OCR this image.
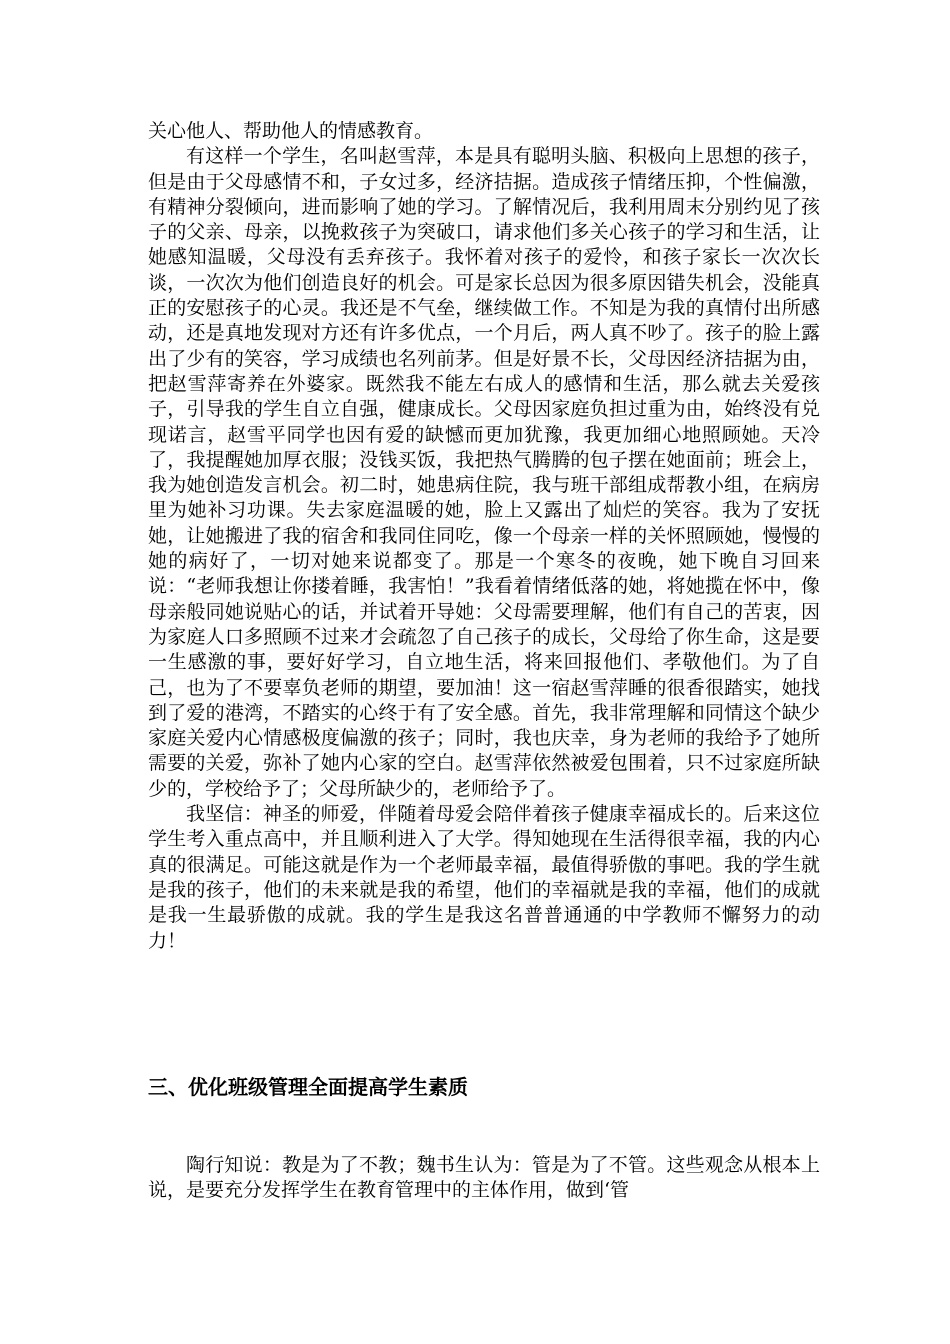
关心他人、帮助他人的情感教育。

有这样一个学生，名叫赵雪萍，本是具有聪明头脑、积极向上思想的孩子，但是由于父母感情不和，子女过多，经济拮据。造成孩子情绪压抑，个性偏激，有精神分裂倾向，进而影响了她的学习。了解情况后，我利用周末分别约见了孩子的父亲、母亲，以挽救孩子为突破口，请求他们多关心孩子的学习和生活，让她感知温暖，父母没有丢弃孩子。我怀着对孩子的爱怜，和孩子家长一次次长谈，一次次为他们创造良好的机会。可是家长总因为很多原因错失机会，没能真正的安慰孩子的心灵。我还是不气垒，继续做工作。不知是为我的真情付出所感动，还是真地发现对方还有许多优点，一个月后，两人真不吵了。孩子的脸上露出了少有的笑容，学习成绩也名列前茅。但是好景不长，父母因经济拮据为由，把赵雪萍寄养在外婆家。既然我不能左右成人的感情和生活，那么就去关爱孩子，引导我的学生自立自强，健康成长。父母因家庭负担过重为由，始终没有兑现诺言，赵雪平同学也因有爱的缺憾而更加犹豫，我更加细心地照顾她。天冷了，我提醒她加厚衣服；没钱买饭，我把热气腾腾的包子摆在她面前；班会上，我为她创造发言机会。初二时，她患病住院，我与班干部组成帮教小组，在病房里为她补习功课。失去家庭温暖的她，脸上又露出了灿烂的笑容。我为了安抚她，让她搬进了我的宿舍和我同住同吃，像一个母亲一样的关怀照顾她，慢慢的她的病好了，一切对她来说都变了。那是一个寒冬的夜晚，她下晚自习回来说：“老师我想让你搂着睡，我害怕！”我看着情绪低落的她，将她揽在怀中，像母亲般同她说贴心的话，并试着开导她：父母需要理解，他们有自己的苦衷，因为家庭人口多照顾不过来才会疏忽了自己孩子的成长，父母给了你生命，这是要一生感激的事，要好好学习，自立地生活，将来回报他们、孝敬他们。为了自己，也为了不要辜负老师的期望，要加油！这一宿赵雪萍睡的很香很踏实，她找到了爱的港湾，不踏实的心终于有了安全感。首先，我非常理解和同情这个缺少家庭关爱内心情感极度偏激的孩子；同时，我也庆幸，身为老师的我给予了她所需要的关爱，弥补了她内心家的空白。赵雪萍依然被爱包围着，只不过家庭所缺少的，学校给予了；父母所缺少的，老师给予了。

我坚信：神圣的师爱，伴随着母爱会陪伴着孩子健康幸福成长的。后来这位学生考入重点高中，并且顺利进入了大学。得知她现在生活得很幸福，我的内心真的很满足。可能这就是作为一个老师最幸福，最值得骄傲的事吧。我的学生就是我的孩子，他们的未来就是我的希望，他们的幸福就是我的幸福，他们的成就是我一生最骄傲的成就。我的学生是我这名普普通通的中学教师不懈努力的动力！

三、优化班级管理全面提高学生素质

陶行知说：教是为了不教；魏书生认为：管是为了不管。这些观念从根本上说，是要充分发挥学生在教育管理中的主体作用，做到‘管
